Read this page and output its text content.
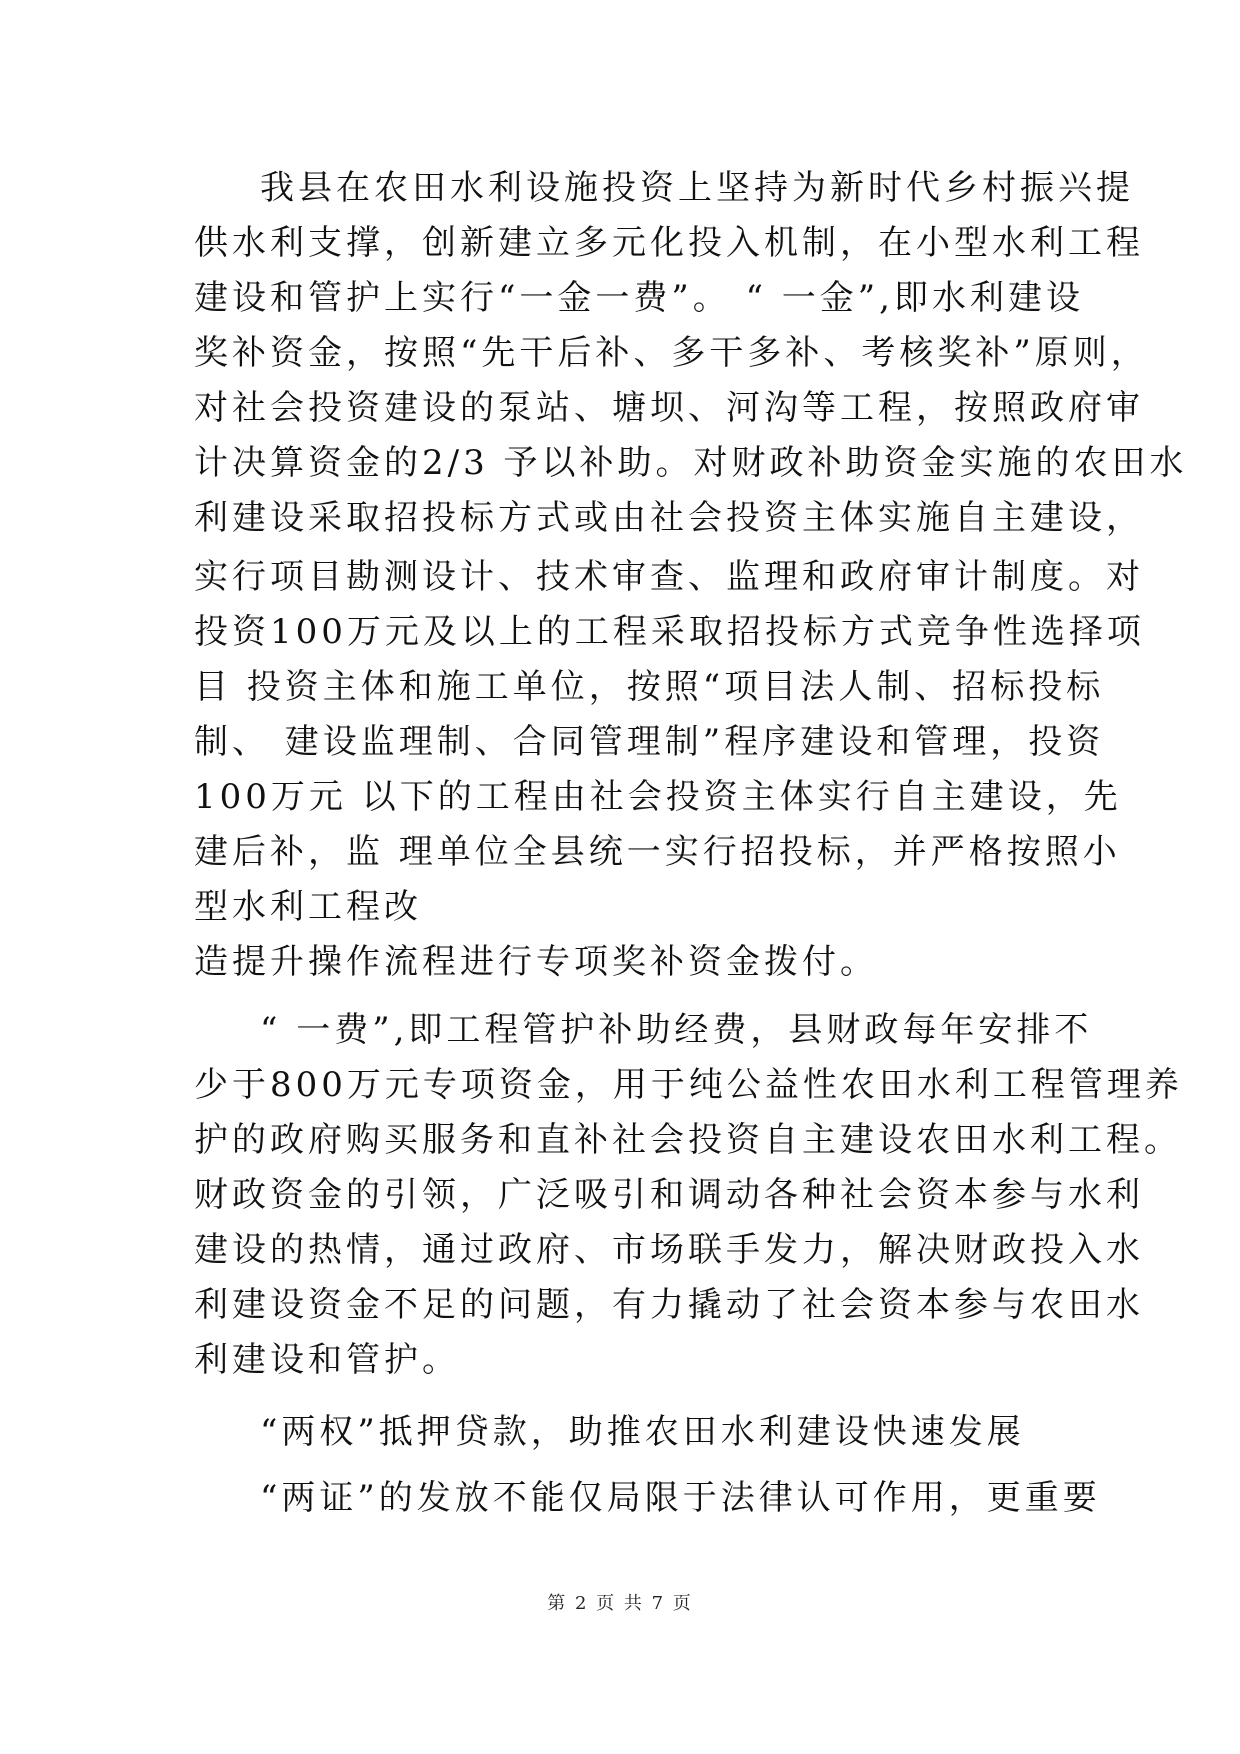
我县在农田水利设施投资上坚持为新时代乡村振兴提
供水利支撑，创新建立多元化投入机制，在小型水利工程
建设和管护上实行“一金一费”。 “ 一金”,即水利建设
奖补资金，按照“先干后补、多干多补、考核奖补”原则，
对社会投资建设的泵站、塘坝、河沟等工程，按照政府审
计决算资金的2/3 予以补助。对财政补助资金实施的农田水
利建设采取招投标方式或由社会投资主体实施自主建设，
实行项目勘测设计、技术审查、监理和政府审计制度。对
投资100万元及以上的工程采取招投标方式竞争性选择项
目 投资主体和施工单位，按照“项目法人制、招标投标
制、 建设监理制、合同管理制”程序建设和管理，投资
100万元 以下的工程由社会投资主体实行自主建设，先
建后补，监 理单位全县统一实行招投标，并严格按照小
型水利工程改
造提升操作流程进行专项奖补资金拨付。
“ 一费”,即工程管护补助经费，县财政每年安排不
少于800万元专项资金，用于纯公益性农田水利工程管理养
护的政府购买服务和直补社会投资自主建设农田水利工程。
财政资金的引领，广泛吸引和调动各种社会资本参与水利
建设的热情，通过政府、市场联手发力，解决财政投入水
利建设资金不足的问题，有力撬动了社会资本参与农田水
利建设和管护。
“两权”抵押贷款，助推农田水利建设快速发展
“两证”的发放不能仅局限于法律认可作用，更重要
第 2 页 共 7 页
